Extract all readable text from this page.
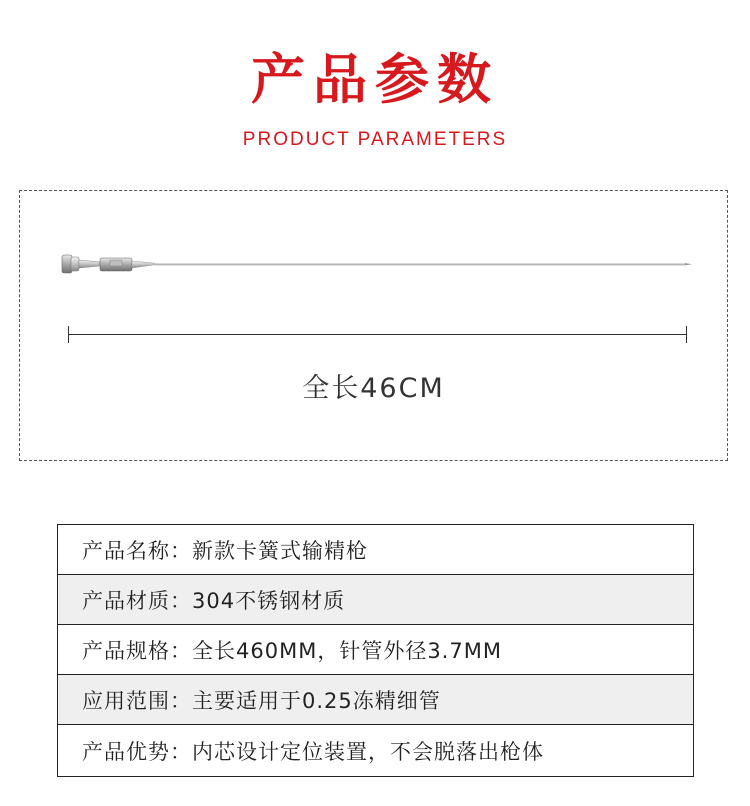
产品参数
PRODUCT PARAMETERS
全长46CM
产品名称： 新款卡簧式输精枪
产品材质： 304不锈钢材质
产品规格： 全长460MM，针管外径3.7MM
应用范围： 主要适用于0.25冻精细管
产品优势： 内芯设计定位装置，不会脱落出枪体
